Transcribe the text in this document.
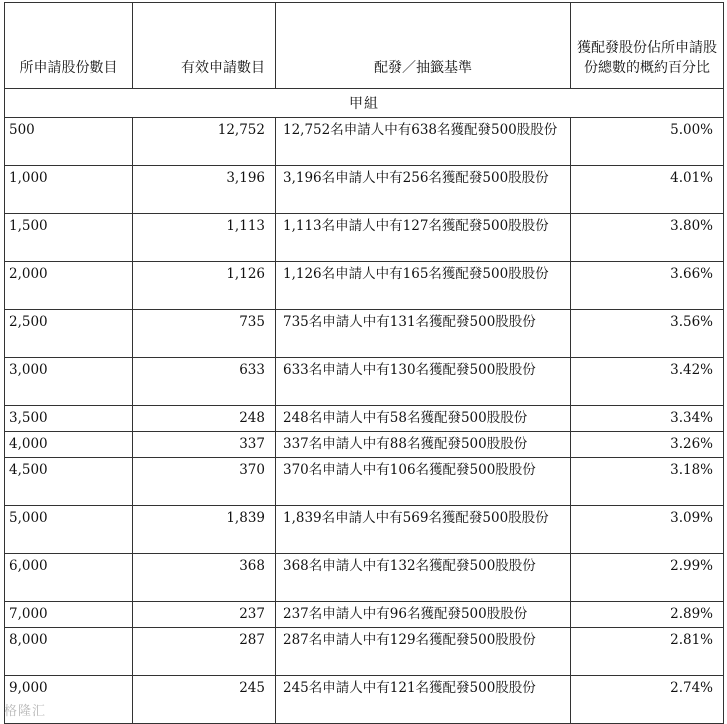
所申請股份數目	有效申請數目	配發／抽籤基準	獲配發股份佔所申請股份總數的概約百分比
甲組			
500	12,752	12,752名申請人中有638名獲配發500股股份	5.00%
1,000	3,196	3,196名申請人中有256名獲配發500股股份	4.01%
1,500	1,113	1,113名申請人中有127名獲配發500股股份	3.80%
2,000	1,126	1,126名申請人中有165名獲配發500股股份	3.66%
2,500	735	735名申請人中有131名獲配發500股股份	3.56%
3,000	633	633名申請人中有130名獲配發500股股份	3.42%
3,500	248	248名申請人中有58名獲配發500股股份	3.34%
4,000	337	337名申請人中有88名獲配發500股股份	3.26%
4,500	370	370名申請人中有106名獲配發500股股份	3.18%
5,000	1,839	1,839名申請人中有569名獲配發500股股份	3.09%
6,000	368	368名申請人中有132名獲配發500股股份	2.99%
7,000	237	237名申請人中有96名獲配發500股股份	2.89%
8,000	287	287名申請人中有129名獲配發500股股份	2.81%
9,000	245	245名申請人中有121名獲配發500股股份	2.74%
格隆汇
